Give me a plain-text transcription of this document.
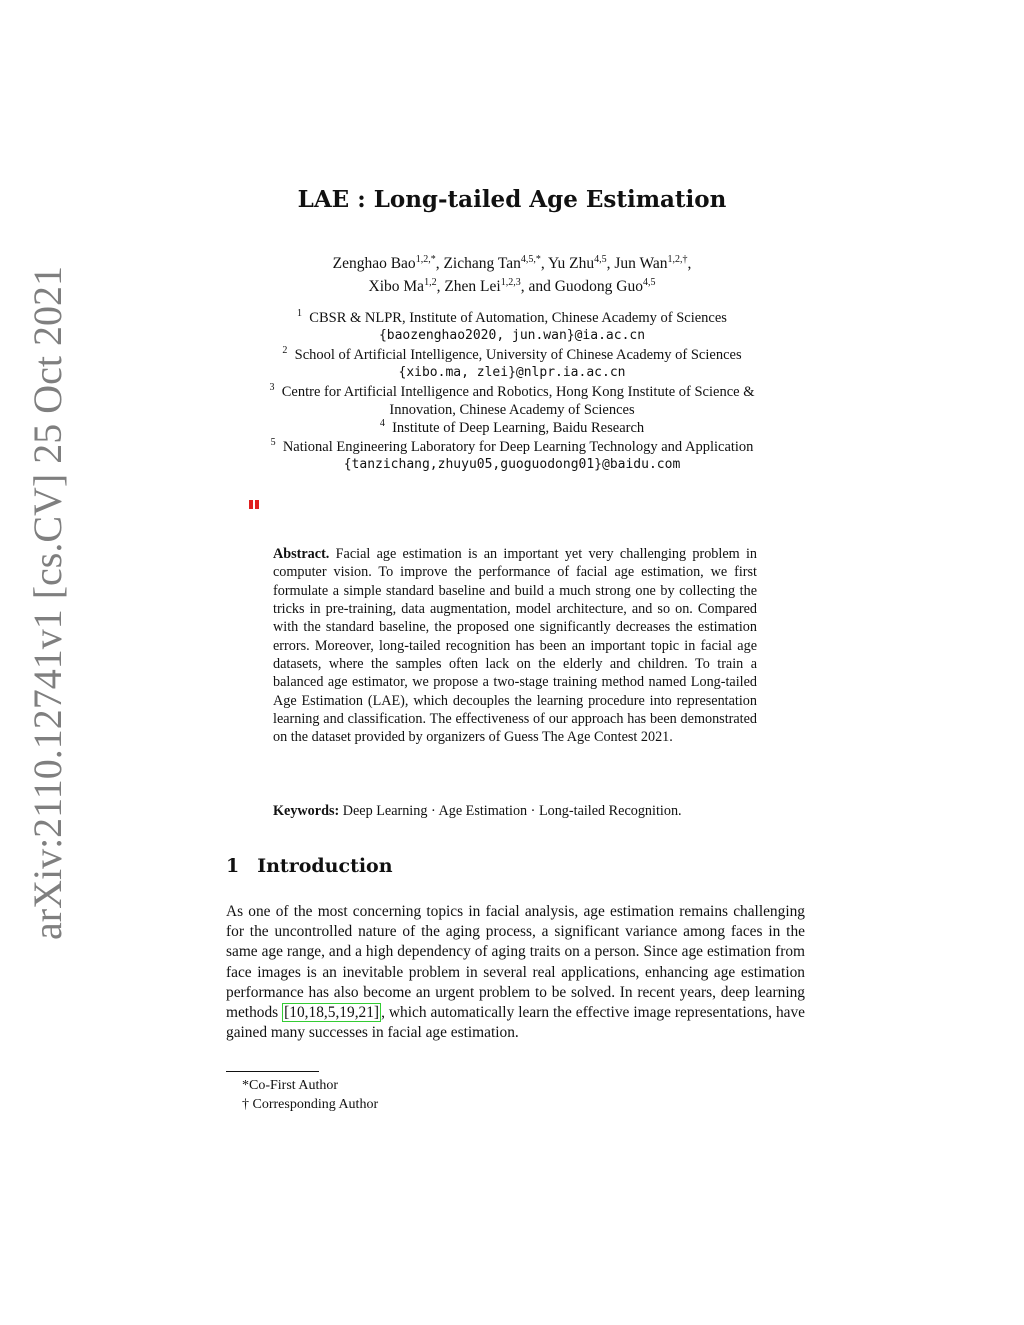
arXiv:2110.12741v1 [cs.CV] 25 Oct 2021
LAE : Long-tailed Age Estimation
Zenghao Bao$^{1,2,*}$, Zichang Tan$^{4,5,*}$, Yu Zhu$^{4,5}$, Jun Wan$^{1,2,\dagger}$,
Xibo Ma$^{1,2}$, Zhen Lei$^{1,2,3}$, and Guodong Guo$^{4,5}$
$^1$ CBSR & NLPR, Institute of Automation, Chinese Academy of Sciences
{baozenghao2020, jun.wan}@ia.ac.cn
$^2$ School of Artificial Intelligence, University of Chinese Academy of Sciences
{xibo.ma, zlei}@nlpr.ia.ac.cn
$^3$ Centre for Artificial Intelligence and Robotics, Hong Kong Institute of Science &
Innovation, Chinese Academy of Sciences
$^4$ Institute of Deep Learning, Baidu Research
$^5$ National Engineering Laboratory for Deep Learning Technology and Application
{tanzichang,zhuyu05,guoguodong01}@baidu.com
Abstract. Facial age estimation is an important yet very challenging problem in computer vision. To improve the performance of facial age estimation, we first formulate a simple standard baseline and build a much strong one by collecting the tricks in pre-training, data augmentation, model architecture, and so on. Compared with the standard baseline, the proposed one significantly decreases the estimation errors. Moreover, long-tailed recognition has been an important topic in facial age datasets, where the samples often lack on the elderly and children. To train a balanced age estimator, we propose a two-stage training method named Long-tailed Age Estimation (LAE), which decouples the learning procedure into representation learning and classification. The effectiveness of our approach has been demonstrated on the dataset provided by organizers of Guess The Age Contest 2021.
Keywords: Deep Learning · Age Estimation · Long-tailed Recognition.
1 Introduction
As one of the most concerning topics in facial analysis, age estimation remains challenging for the uncontrolled nature of the aging process, a significant variance among faces in the same age range, and a high dependency of aging traits on a person. Since age estimation from face images is an inevitable problem in several real applications, enhancing age estimation performance has also become an urgent problem to be solved. In recent years, deep learning methods [10,18,5,19,21] , which automatically learn the effective image representations, have gained many successes in facial age estimation.
*Co-First Author
† Corresponding Author
